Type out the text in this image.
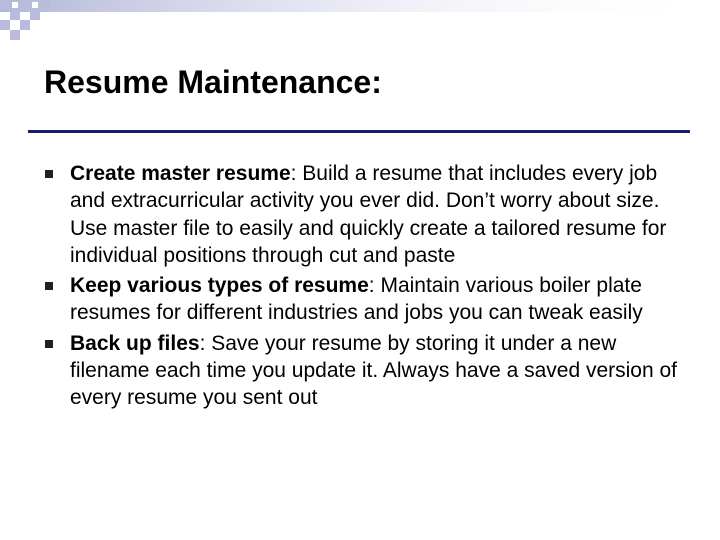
Resume Maintenance:
Create master resume: Build a resume that includes every job and extracurricular activity you ever did. Don’t worry about size. Use master file to easily and quickly create a tailored resume for individual positions through cut and paste
Keep various types of resume: Maintain various boiler plate resumes for different industries and jobs you can tweak easily
Back up files: Save your resume by storing it under a new filename each time you update it. Always have a saved version of every resume you sent out
